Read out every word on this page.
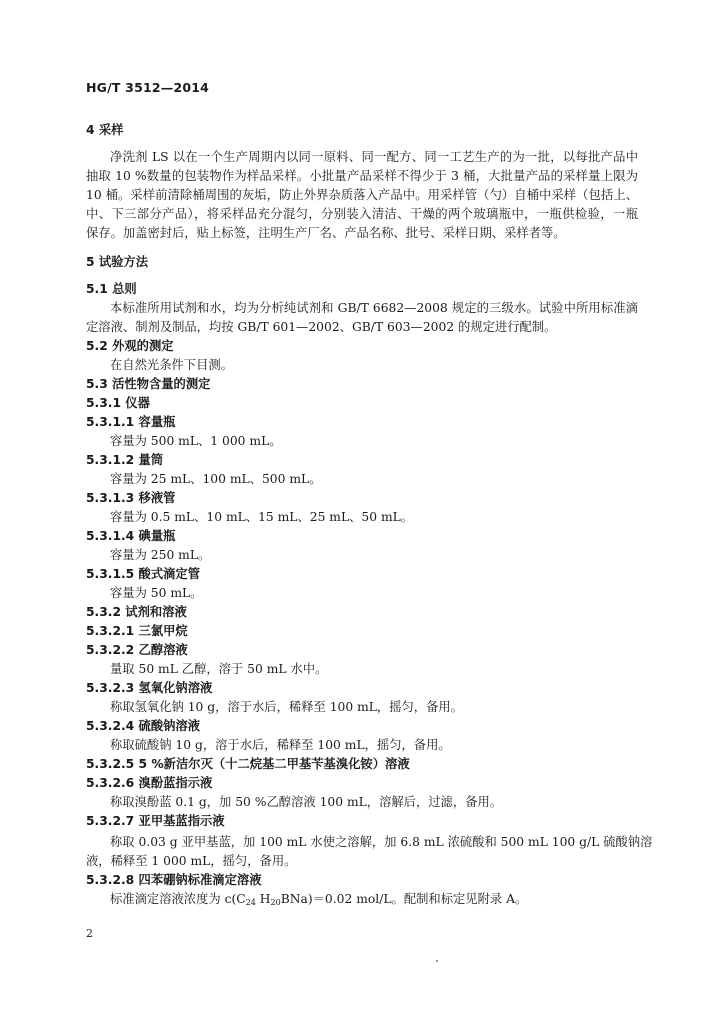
HG/T 3512—2014
4 采样
净洗剂 LS 以在一个生产周期内以同一原料、同一配方、同一工艺生产的为一批，以每批产品中
抽取 10 %数量的包装物作为样品采样。小批量产品采样不得少于 3 桶，大批量产品的采样量上限为
10 桶。采样前清除桶周围的灰垢，防止外界杂质落入产品中。用采样管（勺）自桶中采样（包括上、
中、下三部分产品），将采样品充分混匀，分别装入清洁、干燥的两个玻璃瓶中，一瓶供检验，一瓶
保存。加盖密封后，贴上标签，注明生产厂名、产品名称、批号、采样日期、采样者等。
5 试验方法
5.1 总则
本标准所用试剂和水，均为分析纯试剂和 GB/T 6682—2008 规定的三级水。试验中所用标准滴
定溶液、制剂及制品，均按 GB/T 601—2002、GB/T 603—2002 的规定进行配制。
5.2 外观的测定
在自然光条件下目测。
5.3 活性物含量的测定
5.3.1 仪器
5.3.1.1 容量瓶
容量为 500 mL、1 000 mL。
5.3.1.2 量筒
容量为 25 mL、100 mL、500 mL。
5.3.1.3 移液管
容量为 0.5 mL、10 mL、15 mL、25 mL、50 mL。
5.3.1.4 碘量瓶
容量为 250 mL。
5.3.1.5 酸式滴定管
容量为 50 mL。
5.3.2 试剂和溶液
5.3.2.1 三氯甲烷
5.3.2.2 乙醇溶液
量取 50 mL 乙醇，溶于 50 mL 水中。
5.3.2.3 氢氧化钠溶液
称取氢氧化钠 10 g，溶于水后，稀释至 100 mL，摇匀，备用。
5.3.2.4 硫酸钠溶液
称取硫酸钠 10 g，溶于水后，稀释至 100 mL，摇匀，备用。
5.3.2.5 5 %新洁尔灭（十二烷基二甲基苄基溴化铵）溶液
5.3.2.6 溴酚蓝指示液
称取溴酚蓝 0.1 g，加 50 %乙醇溶液 100 mL，溶解后，过滤，备用。
5.3.2.7 亚甲基蓝指示液
称取 0.03 g 亚甲基蓝，加 100 mL 水使之溶解，加 6.8 mL 浓硫酸和 500 mL 100 g/L 硫酸钠溶
液，稀释至 1 000 mL，摇匀，备用。
5.3.2.8 四苯硼钠标准滴定溶液
标准滴定溶液浓度为 $c(C_{24}$ $H_{20}BNa)=0.02$ mol/L。配制和标定见附录 A。
2
